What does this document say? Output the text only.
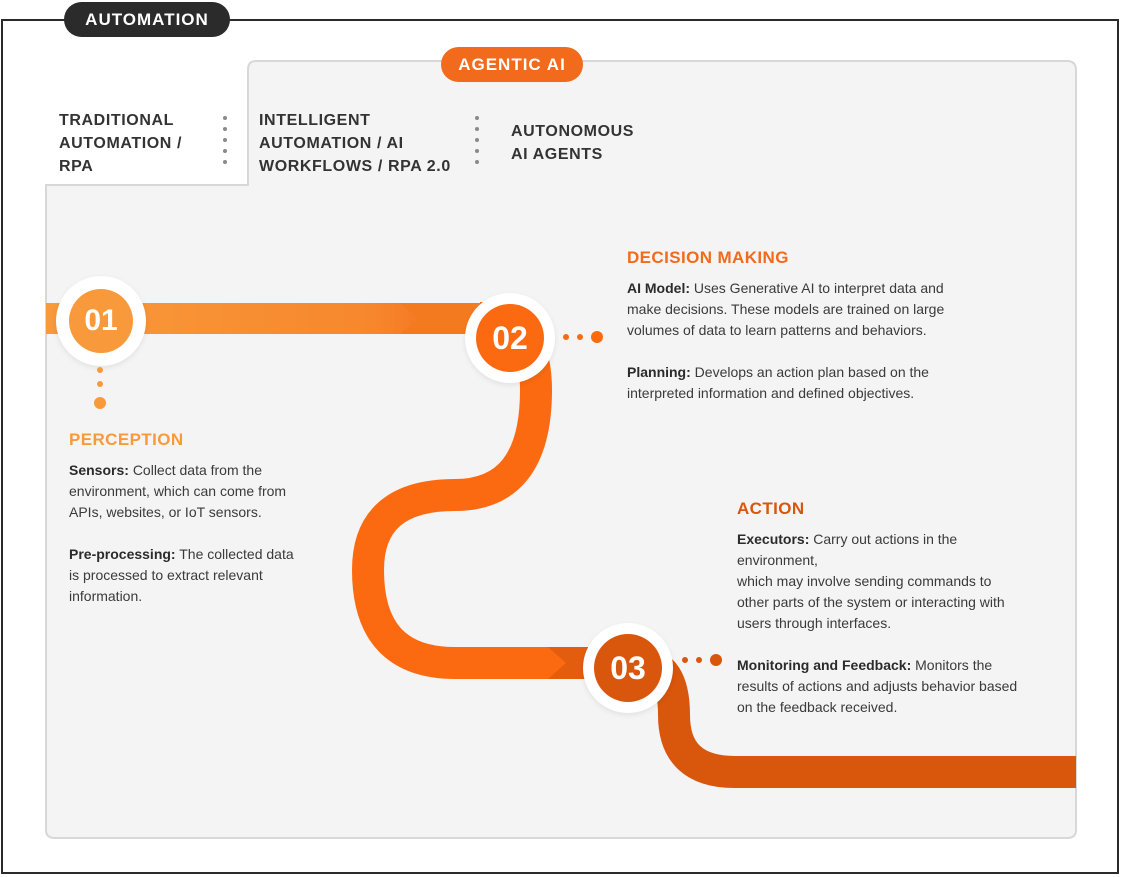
AUTOMATION
AGENTIC AI
TRADITIONAL
AUTOMATION /
RPA
INTELLIGENT
AUTOMATION / AI
WORKFLOWS / RPA 2.0
AUTONOMOUS
AI AGENTS
01	02
03
PERCEPTION
Sensors: Collect data from the
environment, which can come from
APIs, websites, or IoT sensors.
Pre-processing: The collected data
is processed to extract relevant
information.
DECISION MAKING
AI Model: Uses Generative AI to interpret data and
make decisions. These models are trained on large
volumes of data to learn patterns and behaviors.
Planning: Develops an action plan based on the
interpreted information and defined objectives.
ACTION
Executors: Carry out actions in the
environment,
which may involve sending commands to
other parts of the system or interacting with
users through interfaces.
Monitoring and Feedback: Monitors the
results of actions and adjusts behavior based
on the feedback received.
